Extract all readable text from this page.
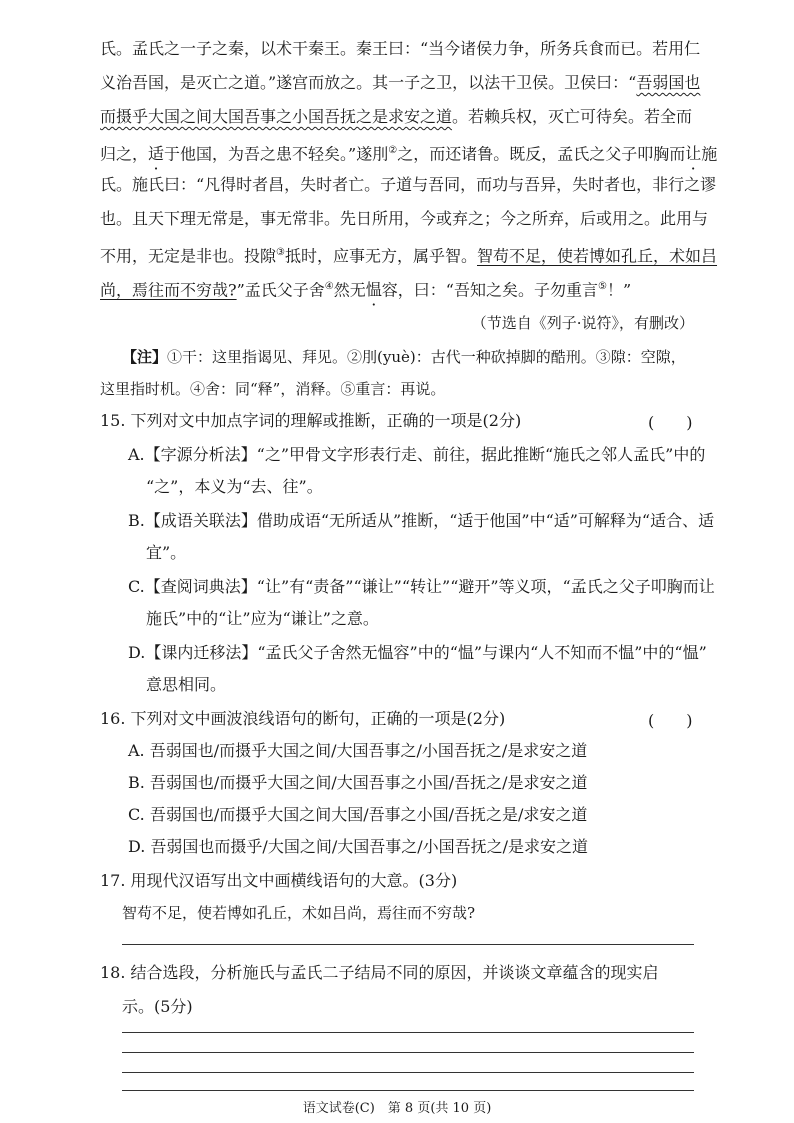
氏。孟氏之一子之秦，以术干秦王。秦王曰：“当今诸侯力争，所务兵食而已。若用仁
义治吾国，是灭亡之道。”遂宫而放之。其一子之卫，以法干卫侯。卫侯曰：“吾弱国也
而摄乎大国之间大国吾事之小国吾抚之是求安之道。若赖兵权，灭亡可待矣。若全而
归之，适于他国，为吾之患不轻矣。”遂刖②之，而还诸鲁。既反，孟氏之父子叩胸而让施
氏。施氏曰：“凡得时者昌，失时者亡。子道与吾同，而功与吾异，失时者也，非行之谬
也。且天下理无常是，事无常非。先日所用，今或弃之；今之所弃，后或用之。此用与
不用，无定是非也。投隙③抵时，应事无方，属乎智。智苟不足，使若博如孔丘，术如吕
尚，焉往而不穷哉?”孟氏父子舍④然无愠容，曰：“吾知之矣。子勿重言⑤！”
（节选自《列子·说符》，有删改）
【注】①干：这里指谒见、拜见。②刖(yuè)：古代一种砍掉脚的酷刑。③隙：空隙，
这里指时机。④舍：同“释”，消释。⑤重言：再说。
15. 下列对文中加点字词的理解或推断，正确的一项是(2分)	(　　)
A.【字源分析法】“之”甲骨文字形表行走、前往，据此推断“施氏之邻人孟氏”中的
“之”，本义为“去、往”。
B.【成语关联法】借助成语“无所适从”推断，“适于他国”中“适”可解释为“适合、适
宜”。
C.【查阅词典法】“让”有“责备”“谦让”“转让”“避开”等义项，“孟氏之父子叩胸而让
施氏”中的“让”应为“谦让”之意。
D.【课内迁移法】“孟氏父子舍然无愠容”中的“愠”与课内“人不知而不愠”中的“愠”
意思相同。
16. 下列对文中画波浪线语句的断句，正确的一项是(2分)	(　　)
A. 吾弱国也/而摄乎大国之间/大国吾事之/小国吾抚之/是求安之道
B. 吾弱国也/而摄乎大国之间/大国吾事之小国/吾抚之/是求安之道
C. 吾弱国也/而摄乎大国之间大国/吾事之小国/吾抚之是/求安之道
D. 吾弱国也而摄乎/大国之间/大国吾事之/小国吾抚之/是求安之道
17. 用现代汉语写出文中画横线语句的大意。(3分)
智苟不足，使若博如孔丘，术如吕尚，焉往而不穷哉?
18. 结合选段，分析施氏与孟氏二子结局不同的原因，并谈谈文章蕴含的现实启
示。(5分)
语文试卷(C)　第 8 页(共 10 页)
